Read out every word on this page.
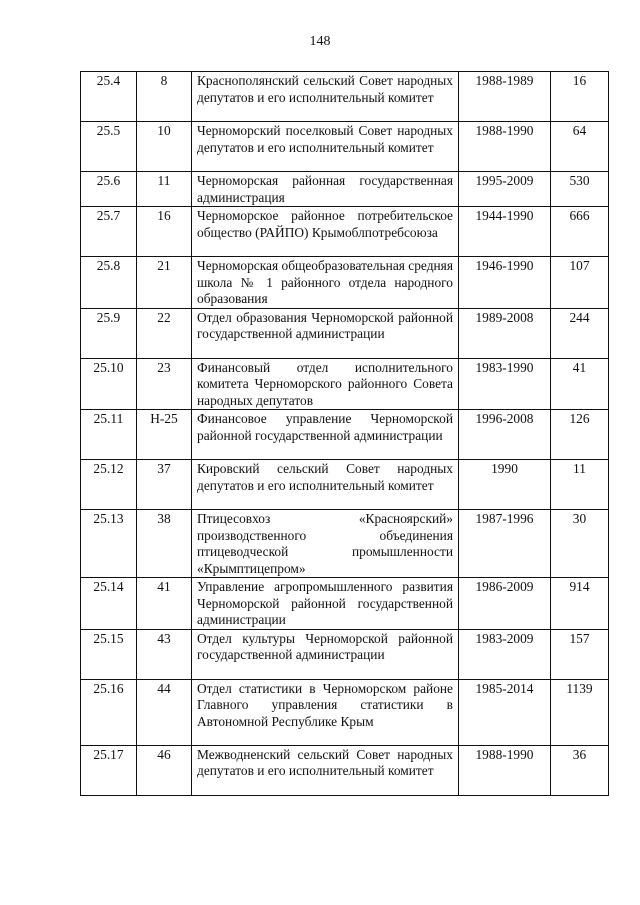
148
25.4	8	Краснополянский сельский Совет народных депутатов и его исполнительный комитет	1988-1989	16
25.5	10	Черноморский поселковый Совет народных депутатов и его исполнительный комитет	1988-1990	64
25.6	11	Черноморская районная государственная администрация	1995-2009	530
25.7	16	Черноморское районное потребительское общество (РАЙПО) Крымоблпотребсоюза	1944-1990	666
25.8	21	Черноморская общеобразовательная средняя школа № 1 районного отдела народного образования	1946-1990	107
25.9	22	Отдел образования Черноморской районной государственной администрации	1989-2008	244
25.10	23	Финансовый отдел исполнительного комитета Черноморского районного Совета народных депутатов	1983-1990	41
25.11	Н-25	Финансовое управление Черноморской районной государственной администрации	1996-2008	126
25.12	37	Кировский сельский Совет народных депутатов и его исполнительный комитет	1990	11
25.13	38	Птицесовхоз «Красноярский» производственного объединения птицеводческой промышленности «Крымптицепром»	1987-1996	30
25.14	41	Управление агропромышленного развития Черноморской районной государственной администрации	1986-2009	914
25.15	43	Отдел культуры Черноморской районной государственной администрации	1983-2009	157
25.16	44	Отдел статистики в Черноморском районе Главного управления статистики в Автономной Республике Крым	1985-2014	1139
25.17	46	Межводненский сельский Совет народных депутатов и его исполнительный комитет	1988-1990	36
